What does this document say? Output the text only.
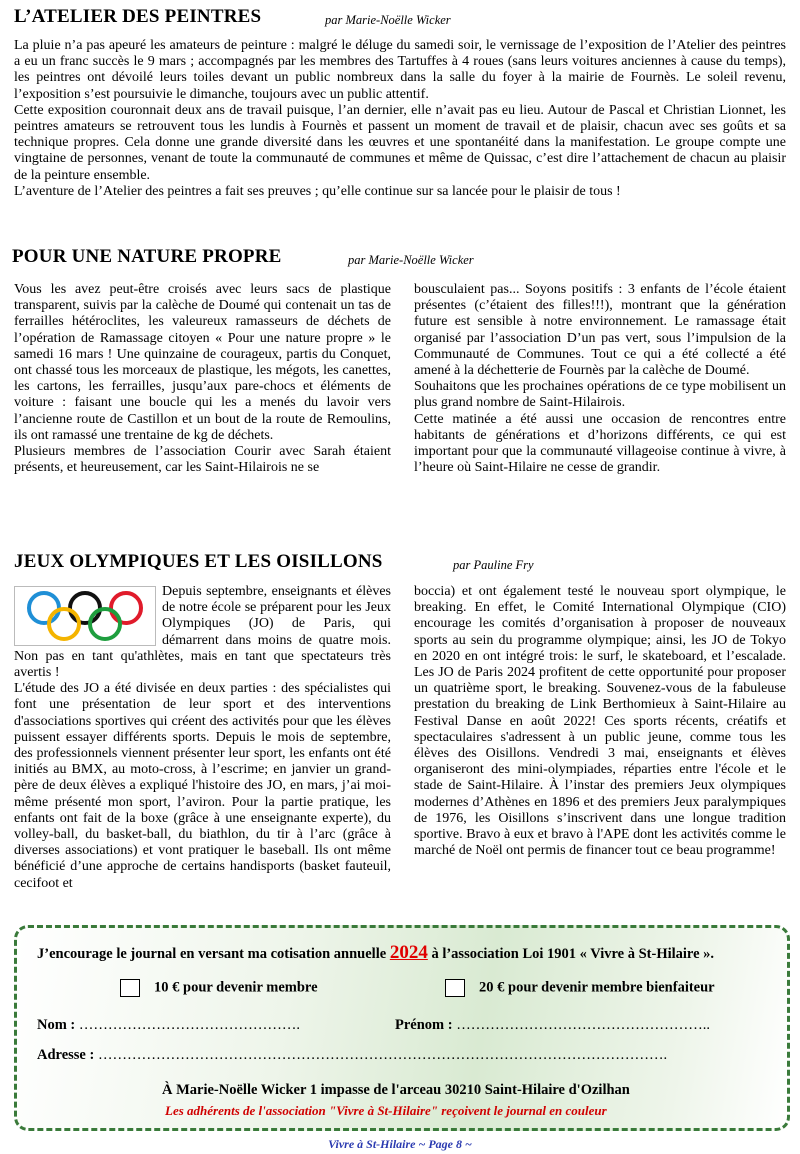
L’ATELIER DES PEINTRES	par Marie-Noëlle Wicker

La pluie n’a pas apeuré les amateurs de peinture : malgré le déluge du samedi soir, le vernissage de l’exposition de l’Atelier des peintres a eu un franc succès le 9 mars ; accompagnés par les membres des Tartuffes à 4 roues (sans leurs voitures anciennes à cause du temps), les peintres ont dévoilé leurs toiles devant un public nombreux dans la salle du foyer à la mairie de Fournès. Le soleil revenu, l’exposition s’est poursuivie le dimanche, toujours avec un public attentif.

Cette exposition couronnait deux ans de travail puisque, l’an dernier, elle n’avait pas eu lieu. Autour de Pascal et Christian Lionnet, les peintres amateurs se retrouvent tous les lundis à Fournès et passent un moment de travail et de plaisir, chacun avec ses goûts et sa technique propres. Cela donne une grande diversité dans les œuvres et une spontanéité dans la manifestation. Le groupe compte une vingtaine de personnes, venant de toute la communauté de communes et même de Quissac, c’est dire l’attachement de chacun au plaisir de la peinture ensemble.

L’aventure de l’Atelier des peintres a fait ses preuves ; qu’elle continue sur sa lancée pour le plaisir de tous !

POUR UNE NATURE PROPRE	par Marie-Noëlle Wicker

Vous les avez peut-être croisés avec leurs sacs de plastique transparent, suivis par la calèche de Doumé qui contenait un tas de ferrailles hétéroclites, les valeureux ramasseurs de déchets de l’opération de Ramassage citoyen « Pour une nature propre » le samedi 16 mars ! Une quinzaine de courageux, partis du Conquet, ont chassé tous les morceaux de plastique, les mégots, les canettes, les cartons, les ferrailles, jusqu’aux pare-chocs et éléments de voiture : faisant une boucle qui les a menés du lavoir vers l’ancienne route de Castillon et un bout de la route de Remoulins, ils ont ramassé une trentaine de kg de déchets.

Plusieurs membres de l’association Courir avec Sarah étaient présents, et heureusement, car les Saint-Hilairois ne se

bousculaient pas... Soyons positifs : 3 enfants de l’école étaient présentes (c’étaient des filles!!!), montrant que la génération future est sensible à notre environnement. Le ramassage était organisé par l’association D’un pas vert, sous l’impulsion de la Communauté de Communes. Tout ce qui a été collecté a été amené à la déchetterie de Fournès par la calèche de Doumé.

Souhaitons que les prochaines opérations de ce type mobilisent un plus grand nombre de Saint-Hilairois.

Cette matinée a été aussi une occasion de rencontres entre habitants de générations et d’horizons différents, ce qui est important pour que la communauté villageoise continue à vivre, à l’heure où Saint-Hilaire ne cesse de grandir.

JEUX OLYMPIQUES ET LES OISILLONS	par Pauline Fry

Depuis septembre, enseignants et élèves de notre école se préparent pour les Jeux Olympiques (JO) de Paris, qui démarrent dans moins de quatre mois. Non pas en tant qu'athlètes, mais en tant que spectateurs très avertis !

L'étude des JO a été divisée en deux parties : des spécialistes qui font une présentation de leur sport et des interventions d'associations sportives qui créent des activités pour que les élèves puissent essayer différents sports. Depuis le mois de septembre, des professionnels viennent présenter leur sport, les enfants ont été initiés au BMX, au moto-cross, à l’escrime; en janvier un grand-père de deux élèves a expliqué l'histoire des JO, en mars, j’ai moi-même présenté mon sport, l’aviron. Pour la partie pratique, les enfants ont fait de la boxe (grâce à une enseignante experte), du volley-ball, du basket-ball, du biathlon, du tir à l’arc (grâce à diverses associations) et vont pratiquer le baseball. Ils ont même bénéficié d’une approche de certains handisports (basket fauteuil, cecifoot et

boccia) et ont également testé le nouveau sport olympique, le breaking. En effet, le Comité International Olympique (CIO) encourage les comités d’organisation à proposer de nouveaux sports au sein du programme olympique; ainsi, les JO de Tokyo en 2020 en ont intégré trois: le surf, le skateboard, et l’escalade. Les JO de Paris 2024 profitent de cette opportunité pour proposer un quatrième sport, le breaking. Souvenez-vous de la fabuleuse prestation du breaking de Link Berthomieux à Saint-Hilaire au Festival Danse en août 2022! Ces sports récents, créatifs et spectaculaires s'adressent à un public jeune, comme tous les élèves des Oisillons. Vendredi 3 mai, enseignants et élèves organiseront des mini-olympiades, réparties entre l'école et le stade de Saint-Hilaire. À l’instar des premiers Jeux olympiques modernes d’Athènes en 1896 et des premiers Jeux paralympiques de 1976, les Oisillons s’inscrivent dans une longue tradition sportive. Bravo à eux et bravo à l'APE dont les activités comme le marché de Noël ont permis de financer tout ce beau programme!

J’encourage le journal en versant ma cotisation annuelle 2024 à l’association Loi 1901 « Vivre à St-Hilaire ».
10 € pour devenir membre	20 € pour devenir membre bienfaiteur
Nom : ……………………………………….	Prénom : ……………………………………………..
Adresse : ……………………………………………………………………………………………………….
À Marie-Noëlle Wicker 1 impasse de l'arceau 30210 Saint-Hilaire d'Ozilhan
Les adhérents de l'association "Vivre à St-Hilaire" reçoivent le journal en couleur
Vivre à St-Hilaire ~ Page 8 ~
